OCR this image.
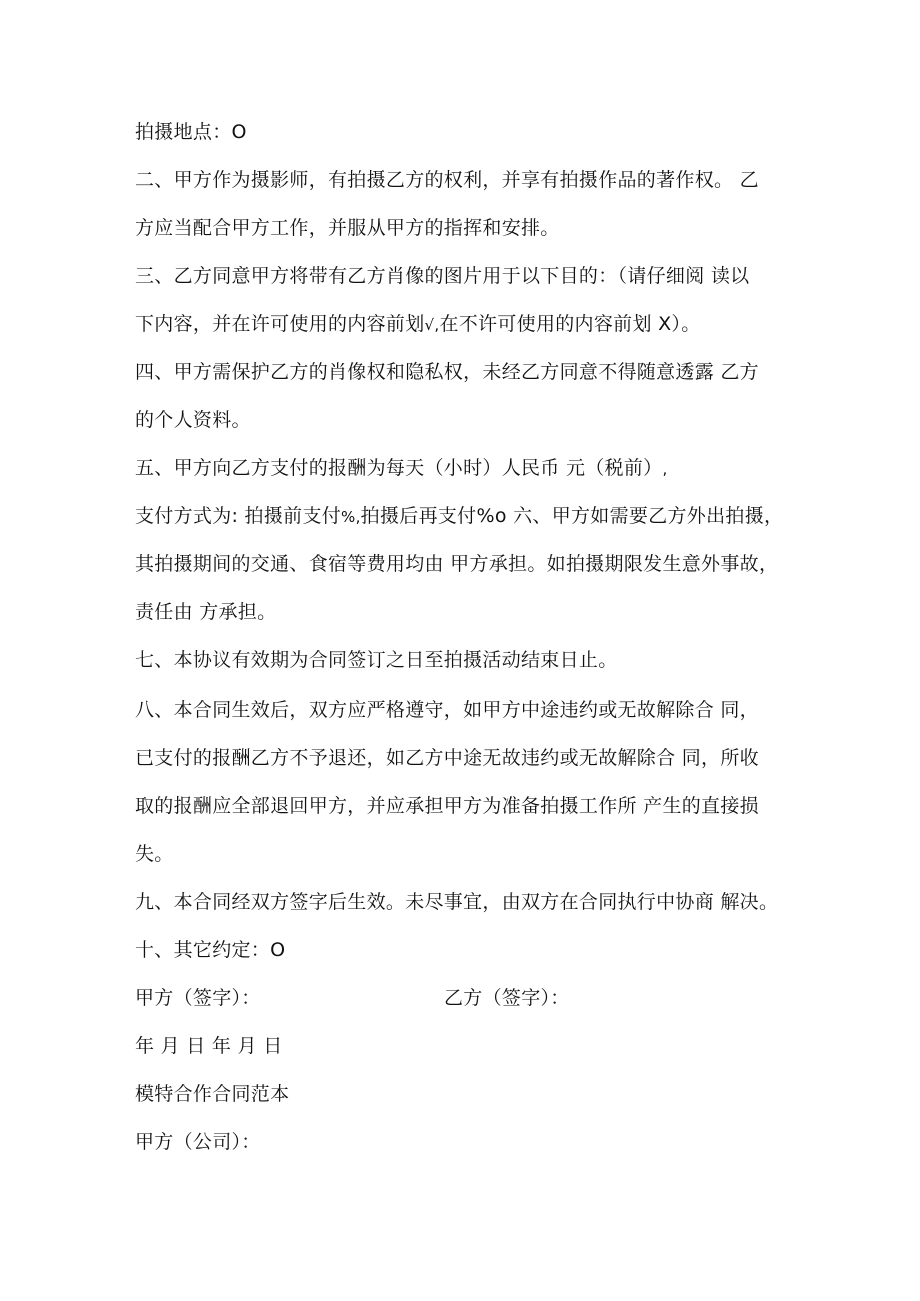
拍摄地点：O
二、甲方作为摄影师，有拍摄乙方的权利，并享有拍摄作品的著作权。 乙
方应当配合甲方工作，并服从甲方的指挥和安排。
三、乙方同意甲方将带有乙方肖像的图片用于以下目的：（请仔细阅 读以
下内容，并在许可使用的内容前划√,在不许可使用的内容前划 X）。
四、甲方需保护乙方的肖像权和隐私权，未经乙方同意不得随意透露 乙方
的个人资料。
五、甲方向乙方支付的报酬为每天（小时）人民币 元（税前）,
支付方式为: 拍摄前支付%,拍摄后再支付%o 六、甲方如需要乙方外出拍摄，
其拍摄期间的交通、食宿等费用均由 甲方承担。如拍摄期限发生意外事故，
责任由 方承担。
七、本协议有效期为合同签订之日至拍摄活动结束日止。
八、本合同生效后，双方应严格遵守，如甲方中途违约或无故解除合 同，
已支付的报酬乙方不予退还，如乙方中途无故违约或无故解除合 同，所收
取的报酬应全部退回甲方，并应承担甲方为准备拍摄工作所 产生的直接损
失。
九、本合同经双方签字后生效。未尽事宜，由双方在合同执行中协商 解决。
十、其它约定：O
甲方（签字）：	乙方（签字）：
年 月 日 年 月 日
模特合作合同范本
甲方（公司）：
